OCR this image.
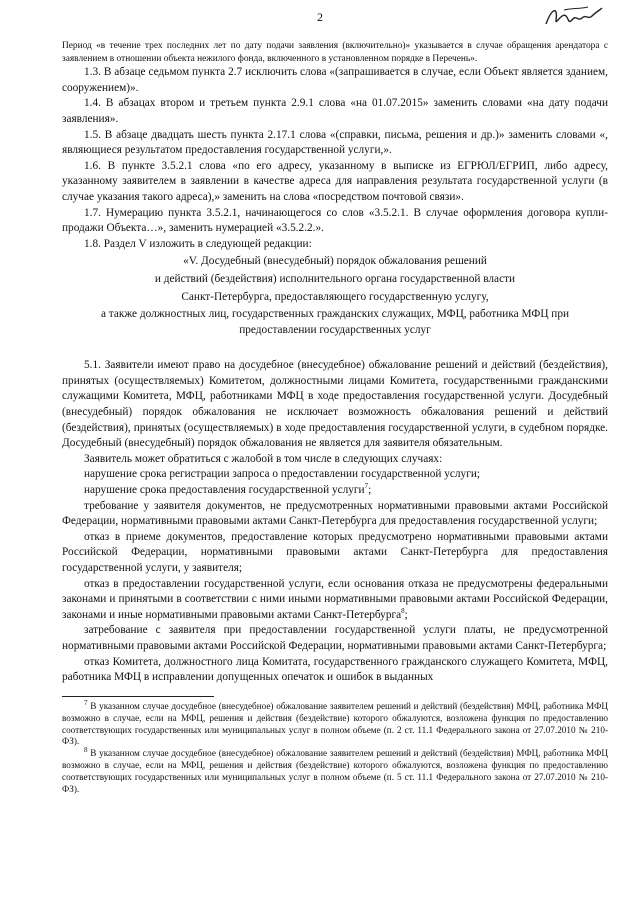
2

Период «в течение трех последних лет по дату подачи заявления (включительно)» указывается в случае обращения арендатора с заявлением в отношении объекта нежилого фонда, включенного в установленном порядке в Перечень».

1.3. В абзаце седьмом пункта 2.7 исключить слова «(запрашивается в случае, если Объект является зданием, сооружением)».

1.4. В абзацах втором и третьем пункта 2.9.1 слова «на 01.07.2015» заменить словами «на дату подачи заявления».

1.5. В абзаце двадцать шесть пункта 2.17.1 слова «(справки, письма, решения и др.)» заменить словами «, являющиеся результатом предоставления государственной услуги,».

1.6. В пункте 3.5.2.1 слова «по его адресу, указанному в выписке из ЕГРЮЛ/ЕГРИП, либо адресу, указанному заявителем в заявлении в качестве адреса для направления результата государственной услуги (в случае указания такого адреса),» заменить на слова «посредством почтовой связи».

1.7. Нумерацию пункта 3.5.2.1, начинающегося со слов «3.5.2.1. В случае оформления договора купли-продажи Объекта…», заменить нумерацией «3.5.2.2.».

1.8. Раздел V изложить в следующей редакции:

«V. Досудебный (внесудебный) порядок обжалования решений

и действий (бездействия) исполнительного органа государственной власти

Санкт-Петербурга, предоставляющего государственную услугу,

а также должностных лиц, государственных гражданских служащих, МФЦ, работника МФЦ при предоставлении государственных услуг

5.1. Заявители имеют право на досудебное (внесудебное) обжалование решений и действий (бездействия), принятых (осуществляемых) Комитетом, должностными лицами Комитета, государственными гражданскими служащими Комитета, МФЦ, работниками МФЦ в ходе предоставления государственной услуги. Досудебный (внесудебный) порядок обжалования не исключает возможность обжалования решений и действий (бездействия), принятых (осуществляемых) в ходе предоставления государственной услуги, в судебном порядке. Досудебный (внесудебный) порядок обжалования не является для заявителя обязательным.

Заявитель может обратиться с жалобой в том числе в следующих случаях:

нарушение срока регистрации запроса о предоставлении государственной услуги;

нарушение срока предоставления государственной услуги$^7$;

требование у заявителя документов, не предусмотренных нормативными правовыми актами Российской Федерации, нормативными правовыми актами Санкт-Петербурга для предоставления государственной услуги;

отказ в приеме документов, предоставление которых предусмотрено нормативными правовыми актами Российской Федерации, нормативными правовыми актами Санкт-Петербурга для предоставления государственной услуги, у заявителя;

отказ в предоставлении государственной услуги, если основания отказа не предусмотрены федеральными законами и принятыми в соответствии с ними иными нормативными правовыми актами Российской Федерации, законами и иные нормативными правовыми актами Санкт-Петербурга$^8$;

затребование с заявителя при предоставлении государственной услуги платы, не предусмотренной нормативными правовыми актами Российской Федерации, нормативными правовыми актами Санкт-Петербурга;

отказ Комитета, должностного лица Комитата, государственного гражданского служащего Комитета, МФЦ, работника МФЦ в исправлении допущенных опечаток и ошибок в выданных

$^7$ В указанном случае досудебное (внесудебное) обжалование заявителем решений и действий (бездействия) МФЦ, работника МФЦ возможно в случае, если на МФЦ, решения и действия (бездействие) которого обжалуются, возложена функция по предоставлению соответствующих государственных или муниципальных услуг в полном объеме (п. 2 ст. 11.1 Федерального закона от 27.07.2010 № 210-ФЗ).

$^8$ В указанном случае досудебное (внесудебное) обжалование заявителем решений и действий (бездействия) МФЦ, работника МФЦ возможно в случае, если на МФЦ, решения и действия (бездействие) которого обжалуются, возложена функция по предоставлению соответствующих государственных или муниципальных услуг в полном объеме (п. 5 ст. 11.1 Федерального закона от 27.07.2010 № 210-ФЗ).
